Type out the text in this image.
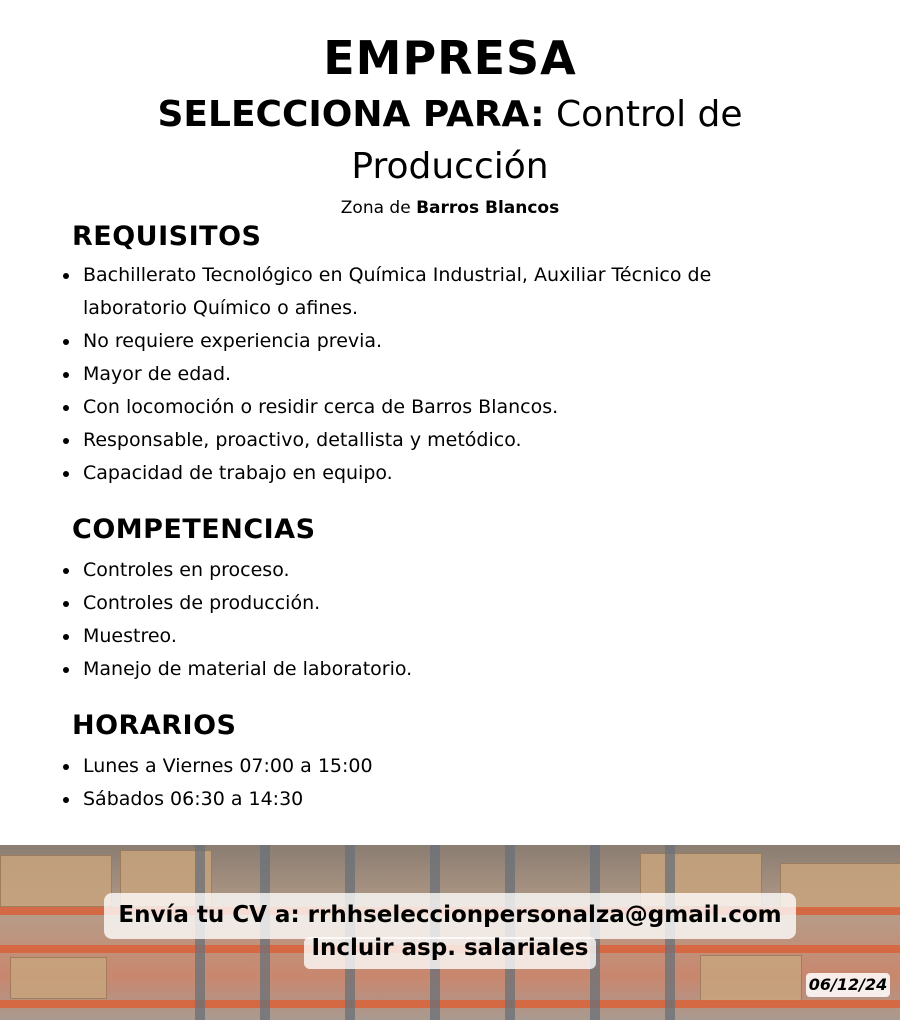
EMPRESA
SELECCIONA PARA: Control de
Producción
Zona de Barros Blancos
REQUISITOS
Bachillerato Tecnológico en Química Industrial, Auxiliar Técnico de laboratorio Químico o afines.
No requiere experiencia previa.
Mayor de edad.
Con locomoción o residir cerca de Barros Blancos.
Responsable, proactivo, detallista y metódico.
Capacidad de trabajo en equipo.
COMPETENCIAS
Controles en proceso.
Controles de producción.
Muestreo.
Manejo de material de laboratorio.
HORARIOS
Lunes a Viernes 07:00 a 15:00
Sábados 06:30 a 14:30
Envía tu CV a: rrhhseleccionpersonalza@gmail.com
Incluir asp. salariales
06/12/24
